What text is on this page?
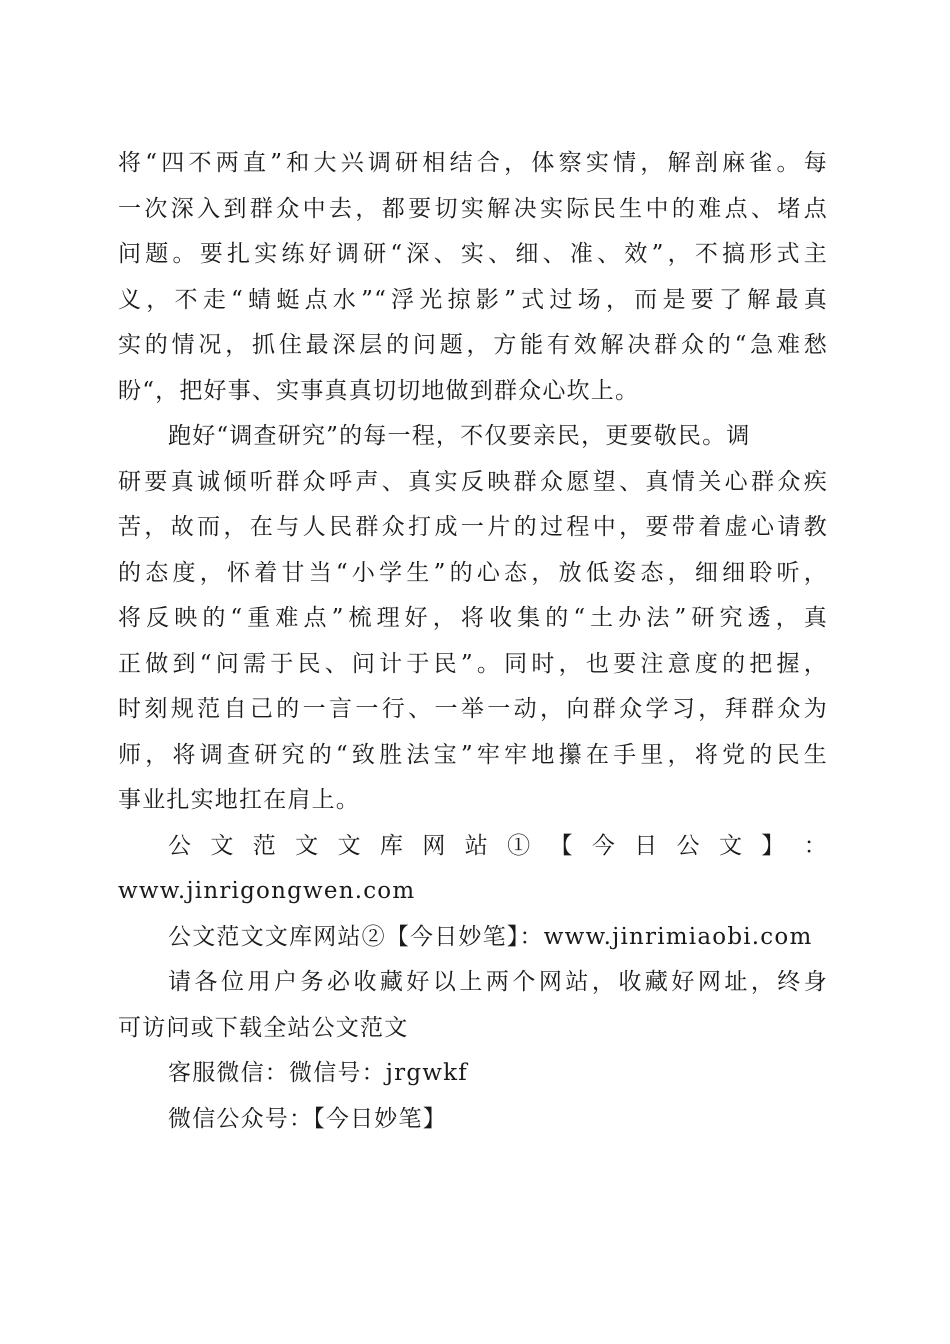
将“四不两直”和大兴调研相结合，体察实情，解剖麻雀。每
一次深入到群众中去，都要切实解决实际民生中的难点、堵点
问题。要扎实练好调研“深、实、细、准、效”，不搞形式主
义，不走“蜻蜓点水”“浮光掠影”式过场，而是要了解最真
实的情况，抓住最深层的问题，方能有效解决群众的“急难愁
盼“，把好事、实事真真切切地做到群众心坎上。
跑好“调查研究”的每一程，不仅要亲民，更要敬民。调
研要真诚倾听群众呼声、真实反映群众愿望、真情关心群众疾
苦，故而，在与人民群众打成一片的过程中，要带着虚心请教
的态度，怀着甘当“小学生”的心态，放低姿态，细细聆听，
将反映的“重难点”梳理好，将收集的“土办法”研究透，真
正做到“问需于民、问计于民”。同时，也要注意度的把握，
时刻规范自己的一言一行、一举一动，向群众学习，拜群众为
师，将调查研究的“致胜法宝”牢牢地攥在手里，将党的民生
事业扎实地扛在肩上。
公 文 范 文 文 库 网 站 ① 【 今 日 公 文 】 ：
www.jinrigongwen.com
公文范文文库网站②【今日妙笔】：www.jinrimiaobi.com
请各位用户务必收藏好以上两个网站，收藏好网址，终身
可访问或下载全站公文范文
客服微信：微信号：jrgwkf
微信公众号：【今日妙笔】
